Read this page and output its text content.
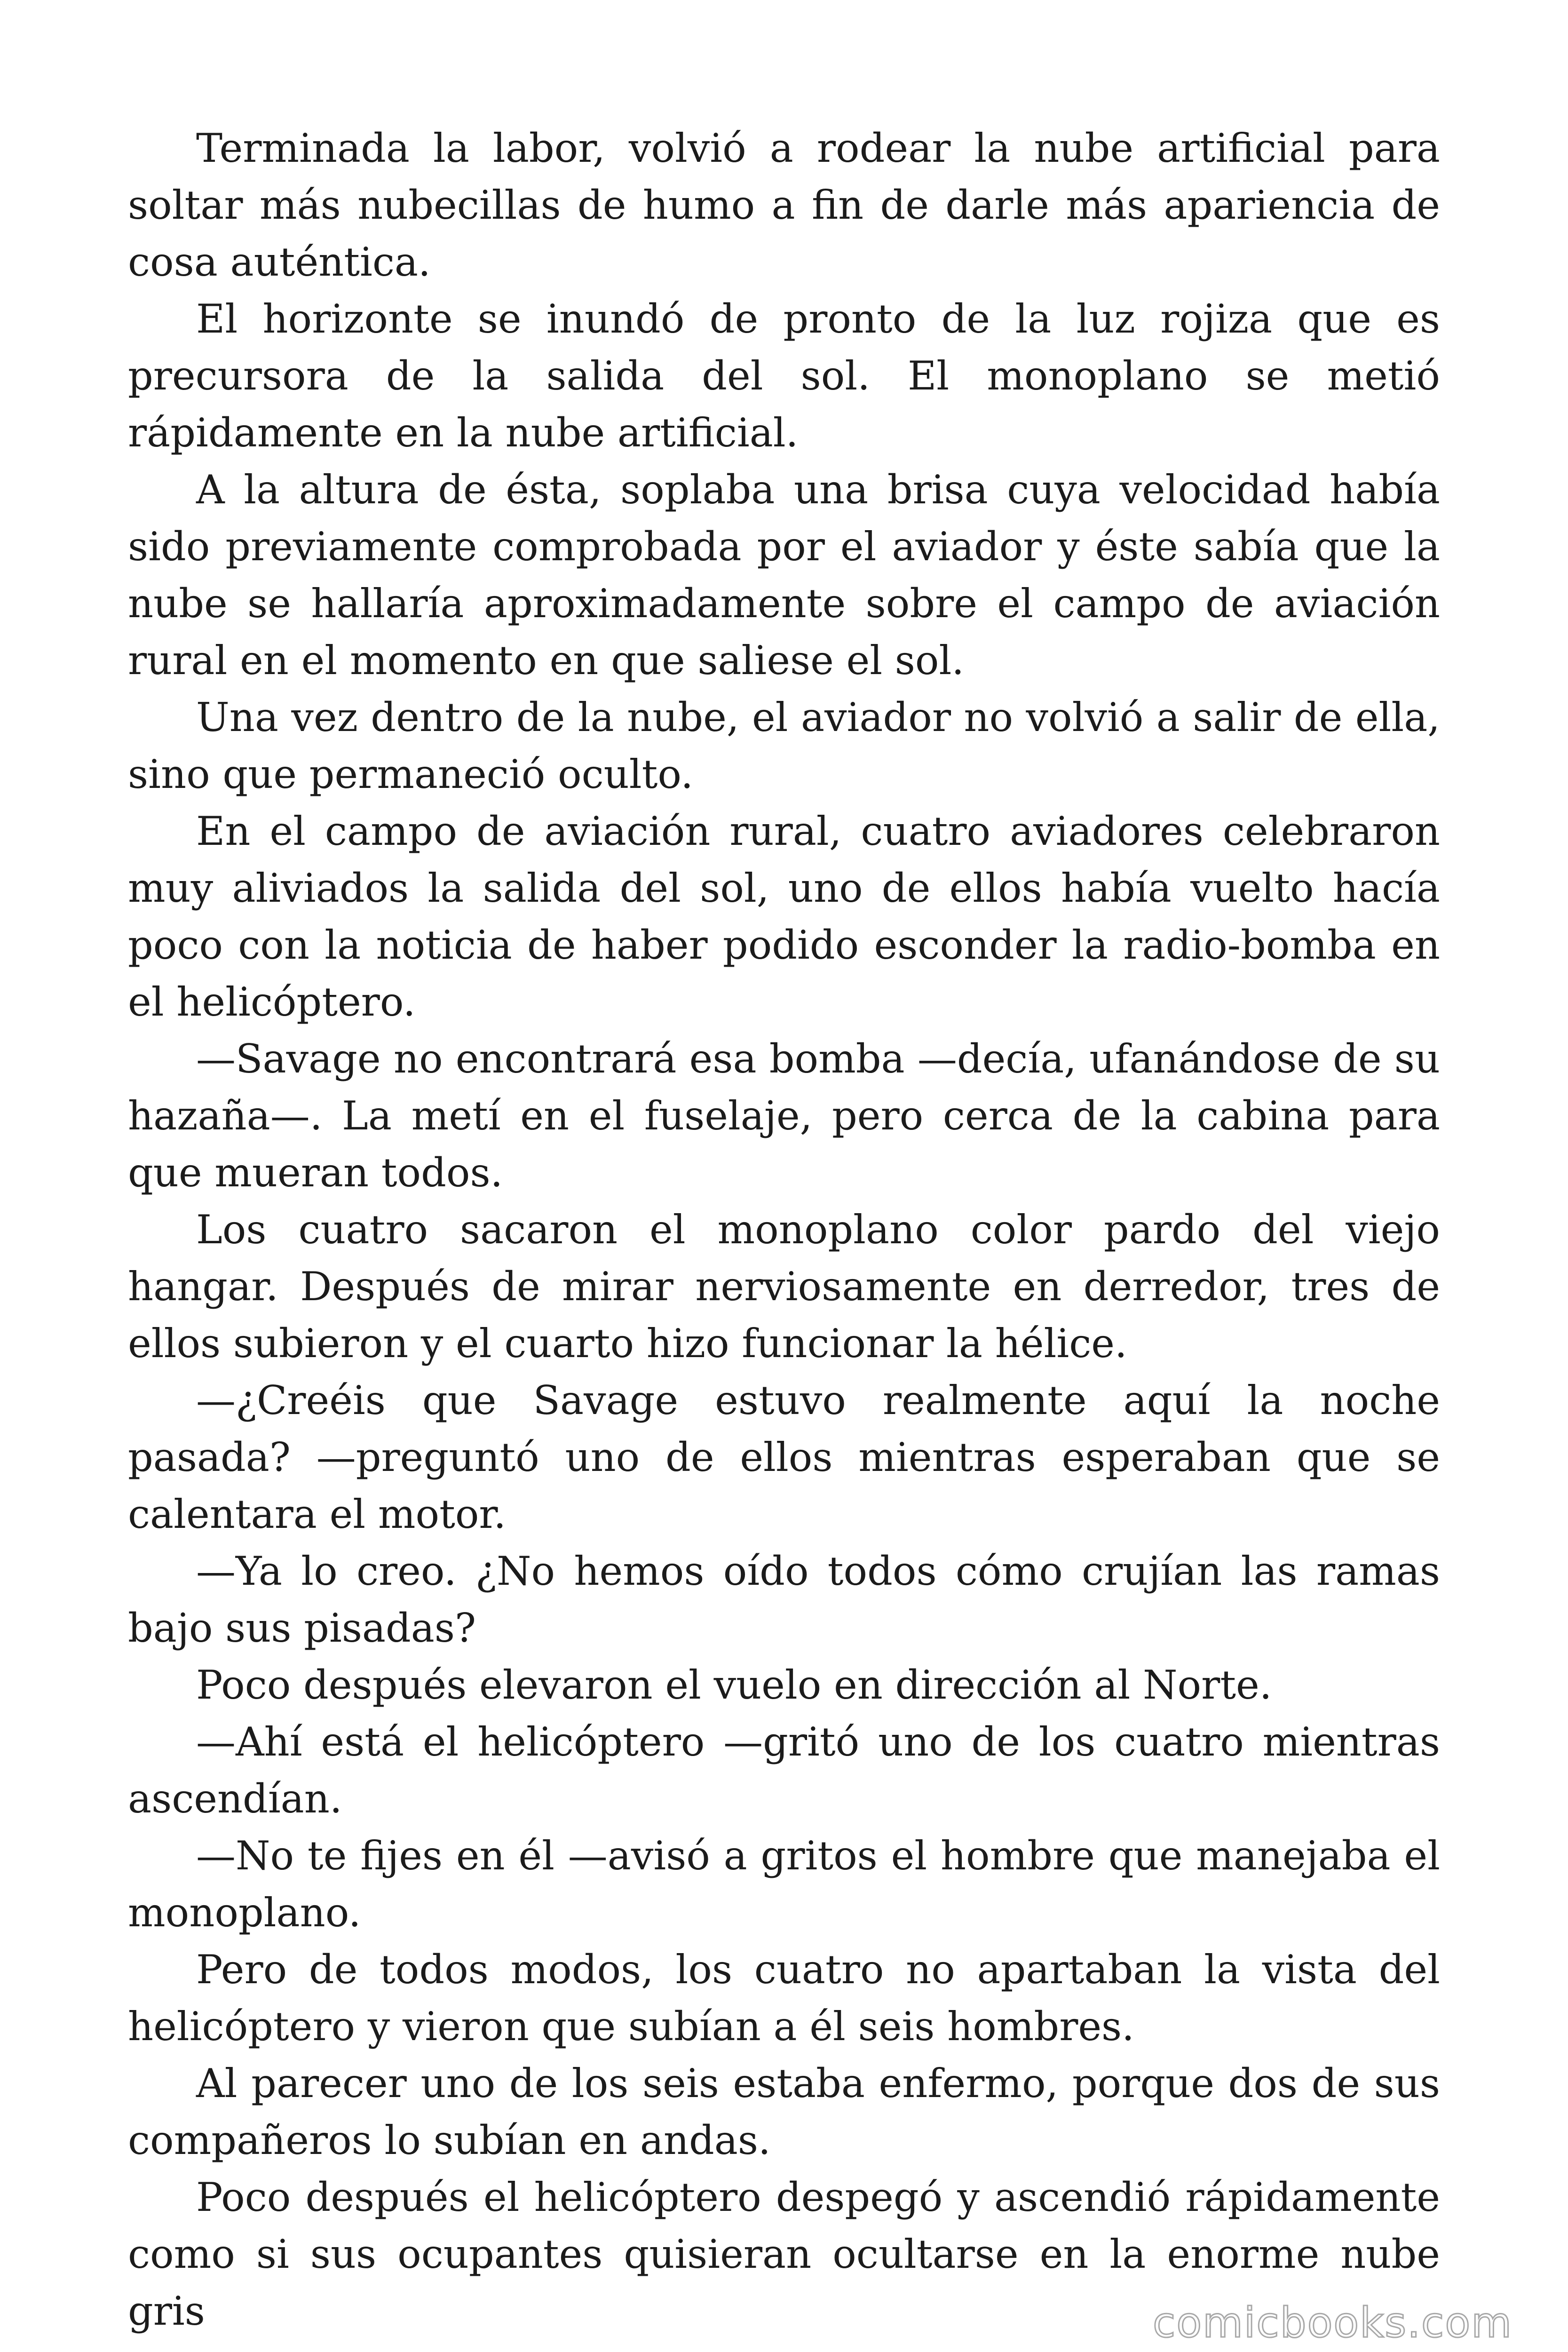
Terminada la labor, volvió a rodear la nube artificial para soltar más nubecillas de humo a fin de darle más apariencia de cosa auténtica.

El horizonte se inundó de pronto de la luz rojiza que es precursora de la salida del sol. El monoplano se metió rápidamente en la nube artificial.

A la altura de ésta, soplaba una brisa cuya velocidad había sido previamente comprobada por el aviador y éste sabía que la nube se hallaría aproximadamente sobre el campo de aviación rural en el momento en que saliese el sol.

Una vez dentro de la nube, el aviador no volvió a salir de ella, sino que permaneció oculto.

En el campo de aviación rural, cuatro aviadores celebraron muy aliviados la salida del sol, uno de ellos había vuelto hacía poco con la noticia de haber podido esconder la radio-bomba en el helicóptero.

—Savage no encontrará esa bomba —decía, ufanándose de su hazaña—. La metí en el fuselaje, pero cerca de la cabina para que mueran todos.

Los cuatro sacaron el monoplano color pardo del viejo hangar. Después de mirar nerviosamente en derredor, tres de ellos subieron y el cuarto hizo funcionar la hélice.

—¿Creéis que Savage estuvo realmente aquí la noche pasada? —preguntó uno de ellos mientras esperaban que se calentara el motor.

—Ya lo creo. ¿No hemos oído todos cómo crujían las ramas bajo sus pisadas?

Poco después elevaron el vuelo en dirección al Norte.

—Ahí está el helicóptero —gritó uno de los cuatro mientras ascendían.

—No te fijes en él —avisó a gritos el hombre que manejaba el monoplano.

Pero de todos modos, los cuatro no apartaban la vista del helicóptero y vieron que subían a él seis hombres.

Al parecer uno de los seis estaba enfermo, porque dos de sus compañeros lo subían en andas.

Poco después el helicóptero despegó y ascendió rápidamente como si sus ocupantes quisieran ocultarse en la enorme nube gris	comicbooks.com
